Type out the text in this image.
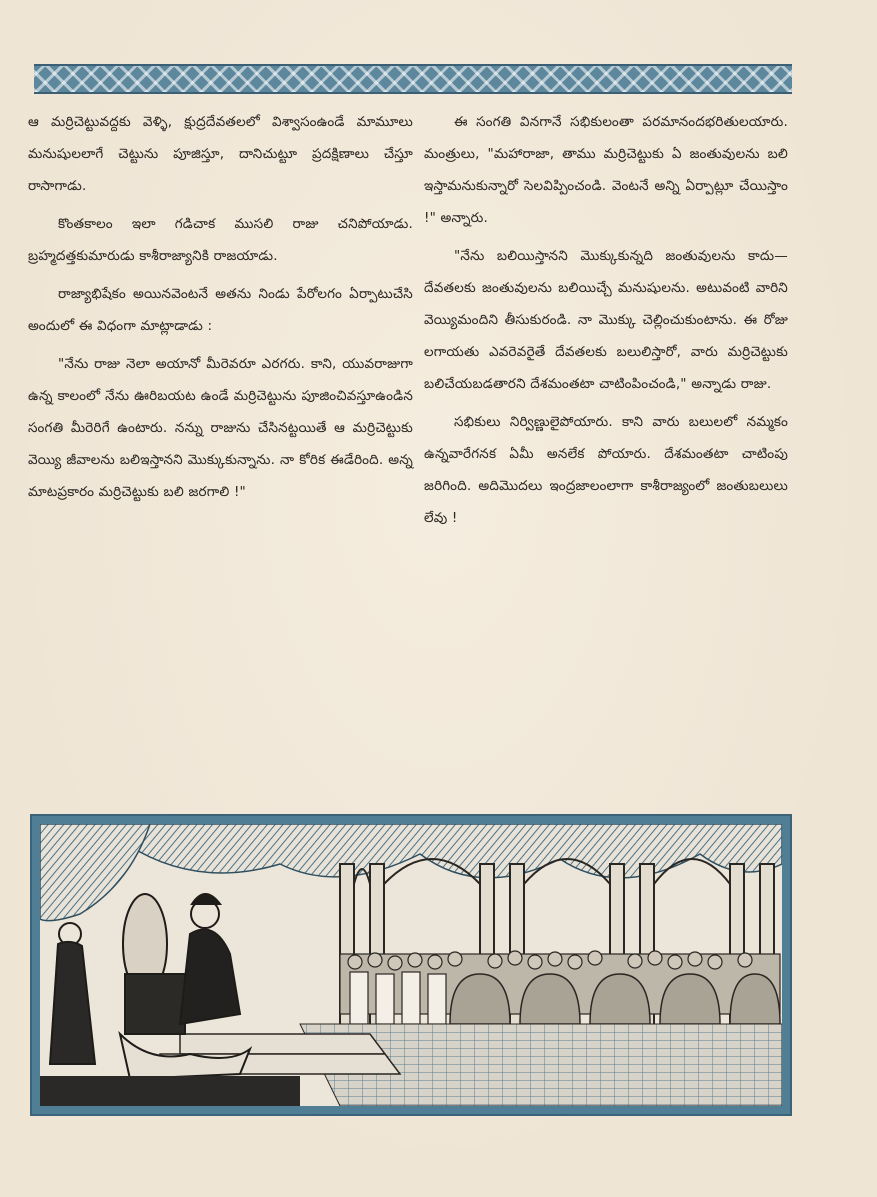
ఆ మర్రిచెట్టువద్దకు వెళ్ళి, క్షుద్రదేవతలలో విశ్వాసంఉండే మామూలు మనుషులలాగే చెట్టును పూజిస్తూ, దానిచుట్టూ ప్రదక్షిణాలు చేస్తూ రాసాగాడు.

కొంతకాలం ఇలా గడిచాక ముసలి రాజు చనిపోయాడు. బ్రహ్మదత్తకుమారుడు కాశీరాజ్యానికి రాజయాడు.

రాజ్యాభిషేకం అయినవెంటనే అతను నిండు పేరోలగం ఏర్పాటుచేసి అందులో ఈ విధంగా మాట్లాడాడు :

"నేను రాజు నెలా అయానో మీరెవరూ ఎరగరు. కాని, యువరాజుగా ఉన్న కాలంలో నేను ఊరిబయట ఉండే మర్రిచెట్టును పూజించివస్తూఉండిన సంగతి మీరెరిగే ఉంటారు. నన్ను రాజును చేసినట్టయితే ఆ మర్రిచెట్టుకు వెయ్యి జీవాలను బలిఇస్తానని మొక్కుకున్నాను. నా కోరిక ఈడేరింది. అన్న మాటప్రకారం మర్రిచెట్టుకు బలి జరగాలి !"

ఈ సంగతి వినగానే సభికులంతా పరమానందభరితులయారు. మంత్రులు, "మహారాజా, తాము మర్రిచెట్టుకు ఏ జంతువులను బలి ఇస్తామనుకున్నారో సెలవిప్పించండి. వెంటనే అన్ని ఏర్పాట్లూ చేయిస్తాం !" అన్నారు.

"నేను బలియిస్తానని మొక్కుకున్నది జంతువులను కాదు—దేవతలకు జంతువులను బలియిచ్చే మనుషులను. అటువంటి వారిని వెయ్యిమందిని తీసుకురండి. నా మొక్కు చెల్లించుకుంటాను. ఈ రోజు లగాయతు ఎవరెవరైతే దేవతలకు బలులిస్తారో, వారు మర్రిచెట్టుకు బలిచేయబడతారని దేశమంతటా చాటింపించండి," అన్నాడు రాజు.

సభికులు నిర్విణ్ణులైపోయారు. కాని వారు బలులలో నమ్మకం ఉన్నవారేగనక ఏమీ అనలేక పోయారు. దేశమంతటా చాటింపు జరిగింది. అదిమొదలు ఇంద్రజాలంలాగా కాశీరాజ్యంలో జంతుబలులు లేవు !
